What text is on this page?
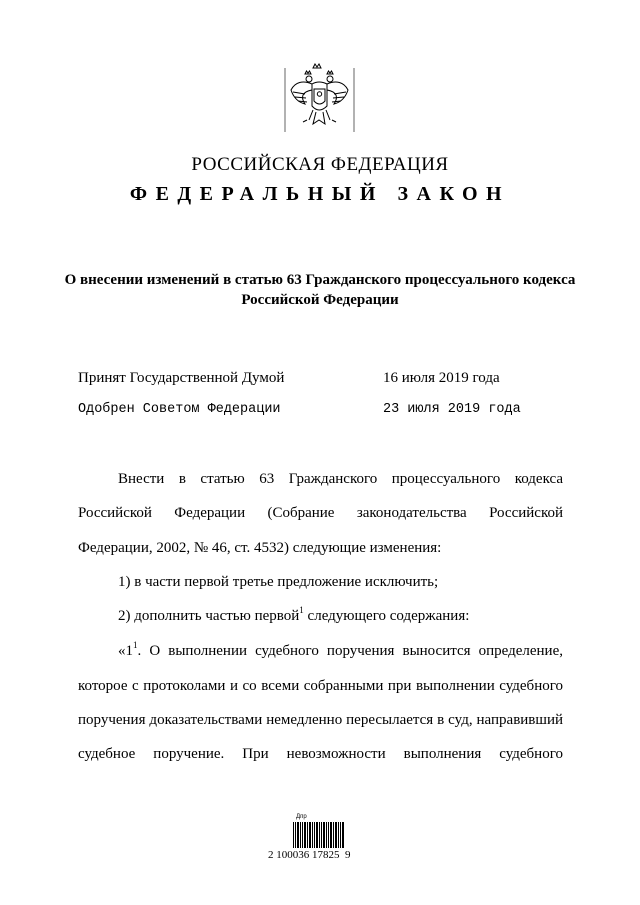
РОССИЙСКАЯ ФЕДЕРАЦИЯ
ФЕДЕРАЛЬНЫЙ ЗАКОН
О внесении изменений в статью 63 Гражданского процессуального кодекса Российской Федерации
Принят Государственной Думой	16 июля 2019 года
Одобрен Советом Федерации	23 июля 2019 года
Внести в статью 63 Гражданского процессуального кодекса
Российской Федерации (Собрание законодательства Российской
Федерации, 2002, № 46, ст. 4532) следующие изменения:
1) в части первой третье предложение исключить;
2) дополнить частью первой$^1$ следующего содержания:
«$1^1$. О выполнении судебного поручения выносится определение,
которое с протоколами и со всеми собранными при выполнении судебного
поручения доказательствами немедленно пересылается в суд, направивший
судебное поручение. При невозможности выполнения судебного
Дпр
2 100036 17825  9
